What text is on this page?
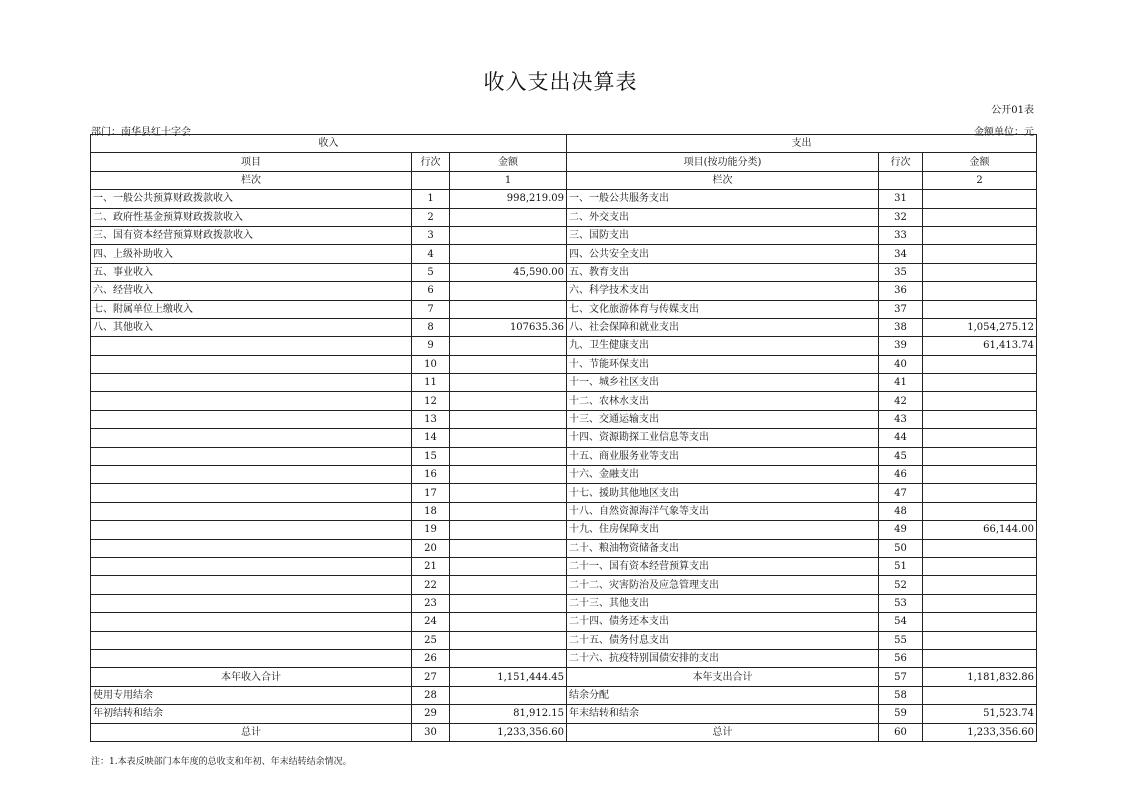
收入支出决算表
公开01表
部门：南华县红十字会	金额单位：元
收入			支出		
项目	行次	金额	项目(按功能分类)	行次	金额
栏次		1	栏次		2
一、一般公共预算财政拨款收入	1	998,219.09	一、一般公共服务支出	31	
二、政府性基金预算财政拨款收入	2		二、外交支出	32	
三、国有资本经营预算财政拨款收入	3		三、国防支出	33	
四、上级补助收入	4		四、公共安全支出	34	
五、事业收入	5	45,590.00	五、教育支出	35	
六、经营收入	6		六、科学技术支出	36	
七、附属单位上缴收入	7		七、文化旅游体育与传媒支出	37	
八、其他收入	8	107635.36	八、社会保障和就业支出	38	1,054,275.12
	9		九、卫生健康支出	39	61,413.74
	10		十、节能环保支出	40	
	11		十一、城乡社区支出	41	
	12		十二、农林水支出	42	
	13		十三、交通运输支出	43	
	14		十四、资源勘探工业信息等支出	44	
	15		十五、商业服务业等支出	45	
	16		十六、金融支出	46	
	17		十七、援助其他地区支出	47	
	18		十八、自然资源海洋气象等支出	48	
	19		十九、住房保障支出	49	66,144.00
	20		二十、粮油物资储备支出	50	
	21		二十一、国有资本经营预算支出	51	
	22		二十二、灾害防治及应急管理支出	52	
	23		二十三、其他支出	53	
	24		二十四、债务还本支出	54	
	25		二十五、债务付息支出	55	
	26		二十六、抗疫特别国债安排的支出	56	
本年收入合计	27	1,151,444.45	本年支出合计	57	1,181,832.86
使用专用结余	28		结余分配	58	
年初结转和结余	29	81,912.15	年末结转和结余	59	51,523.74
总计	30	1,233,356.60	总计	60	1,233,356.60
注：1.本表反映部门本年度的总收支和年初、年末结转结余情况。
